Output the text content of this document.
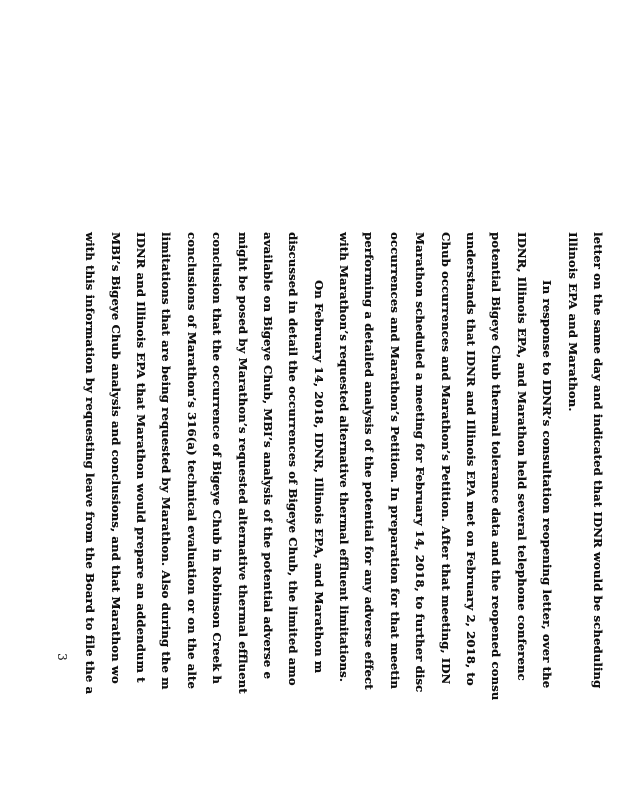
letter on the same day and indicated that IDNR would be scheduling
Illinois EPA and Marathon.
In response to IDNR’s consultation reopening letter, over the
IDNR, Illinois EPA, and Marathon held several telephone conferenc
potential Bigeye Chub thermal tolerance data and the reopened consu
understands that IDNR and Illinois EPA met on February 2, 2018, to
Chub occurrences and Marathon’s Petition. After that meeting, IDN
Marathon scheduled a meeting for February 14, 2018, to further disc
occurrences and Marathon’s Petition. In preparation for that meetin
performing a detailed analysis of the potential for any adverse effect
with Marathon’s requested alternative thermal effluent limitations.
On February 14, 2018, IDNR, Illinois EPA, and Marathon m
discussed in detail the occurrences of Bigeye Chub, the limited amo
available on Bigeye Chub, MBI’s analysis of the potential adverse e
might be posed by Marathon’s requested alternative thermal effluent
conclusion that the occurrence of Bigeye Chub in Robinson Creek h
conclusions of Marathon’s 316(a) technical evaluation or on the alte
limitations that are being requested by Marathon. Also during the m
IDNR and Illinois EPA that Marathon would prepare an addendum t
MBI’s Bigeye Chub analysis and conclusions, and that Marathon wo
with this information by requesting leave from the Board to file the a
3
